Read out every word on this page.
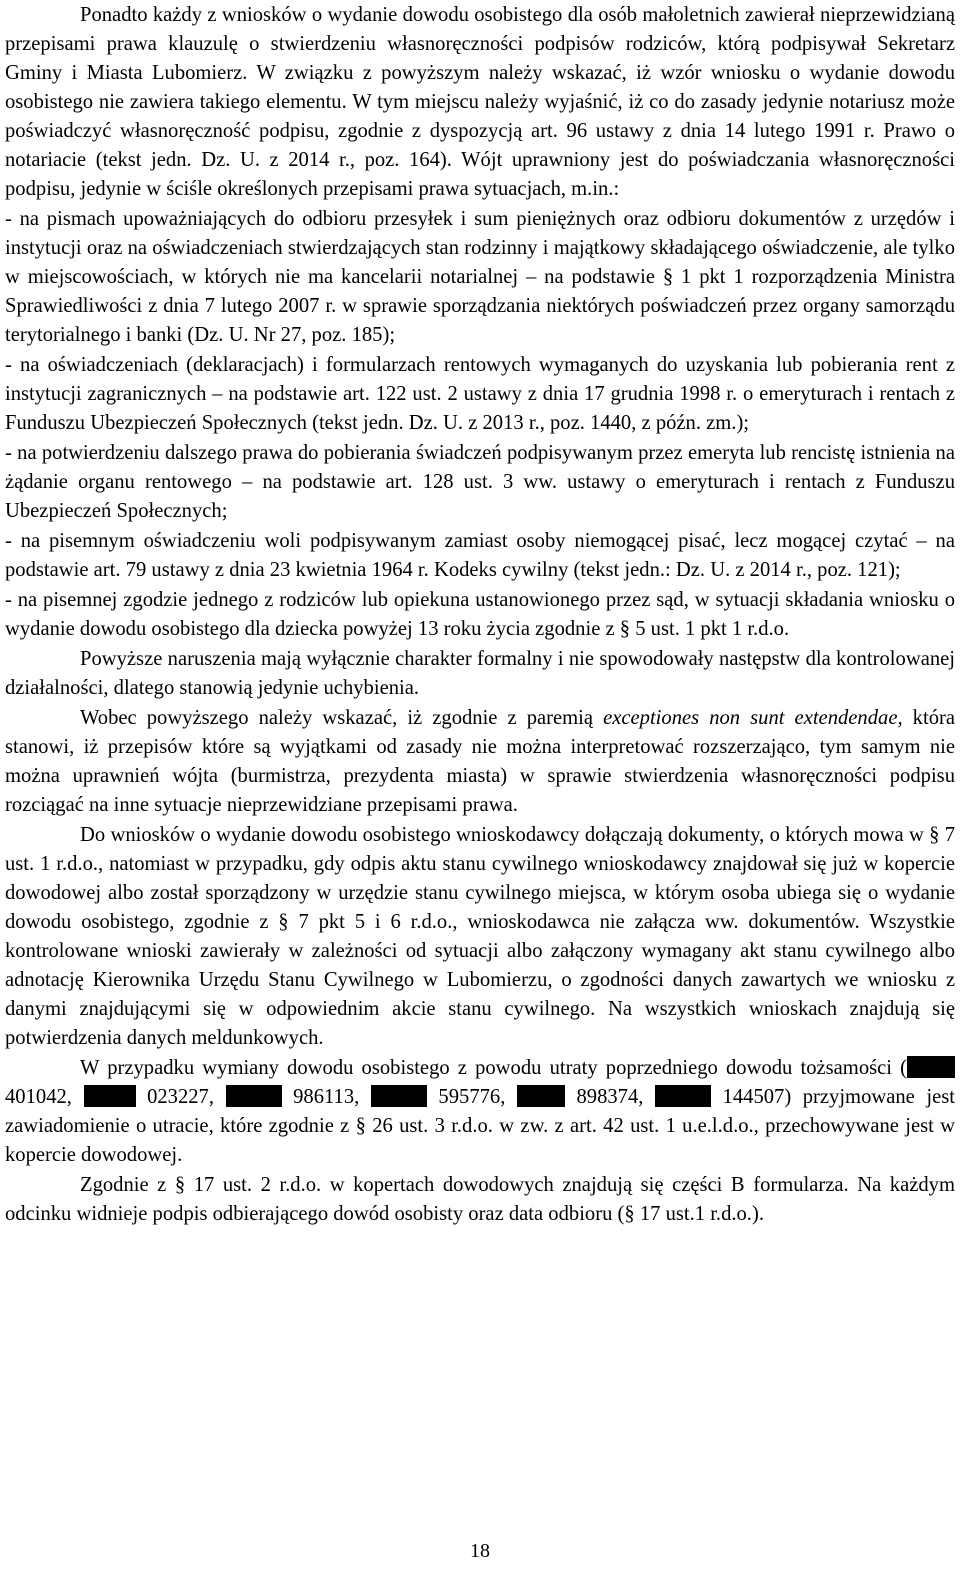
Ponadto każdy z wniosków o wydanie dowodu osobistego dla osób małoletnich zawierał nieprzewidzianą przepisami prawa klauzulę o stwierdzeniu własnoręczności podpisów rodziców, którą podpisywał Sekretarz Gminy i Miasta Lubomierz. W związku z powyższym należy wskazać, iż wzór wniosku o wydanie dowodu osobistego nie zawiera takiego elementu. W tym miejscu należy wyjaśnić, iż co do zasady jedynie notariusz może poświadczyć własnoręczność podpisu, zgodnie z dyspozycją art. 96 ustawy z dnia 14 lutego 1991 r. Prawo o notariacie (tekst jedn. Dz. U. z 2014 r., poz. 164). Wójt uprawniony jest do poświadczania własnoręczności podpisu, jedynie w ściśle określonych przepisami prawa sytuacjach, m.in.:

- na pismach upoważniających do odbioru przesyłek i sum pieniężnych oraz odbioru dokumentów z urzędów i instytucji oraz na oświadczeniach stwierdzających stan rodzinny i majątkowy składającego oświadczenie, ale tylko w miejscowościach, w których nie ma kancelarii notarialnej – na podstawie § 1 pkt 1 rozporządzenia Ministra Sprawiedliwości z dnia 7 lutego 2007 r. w sprawie sporządzania niektórych poświadczeń przez organy samorządu terytorialnego i banki (Dz. U. Nr 27, poz. 185);

- na oświadczeniach (deklaracjach) i formularzach rentowych wymaganych do uzyskania lub pobierania rent z instytucji zagranicznych – na podstawie art. 122 ust. 2 ustawy z dnia 17 grudnia 1998 r. o emeryturach i rentach z Funduszu Ubezpieczeń Społecznych (tekst jedn. Dz. U. z 2013 r., poz. 1440, z późn. zm.);

- na potwierdzeniu dalszego prawa do pobierania świadczeń podpisywanym przez emeryta lub rencistę istnienia na żądanie organu rentowego – na podstawie art. 128 ust. 3 ww. ustawy o emeryturach i rentach z Funduszu Ubezpieczeń Społecznych;

- na pisemnym oświadczeniu woli podpisywanym zamiast osoby niemogącej pisać, lecz mogącej czytać – na podstawie art. 79 ustawy z dnia 23 kwietnia 1964 r. Kodeks cywilny (tekst jedn.: Dz. U. z 2014 r., poz. 121);

- na pisemnej zgodzie jednego z rodziców lub opiekuna ustanowionego przez sąd, w sytuacji składania wniosku o wydanie dowodu osobistego dla dziecka powyżej 13 roku życia zgodnie z § 5 ust. 1 pkt 1 r.d.o.

Powyższe naruszenia mają wyłącznie charakter formalny i nie spowodowały następstw dla kontrolowanej działalności, dlatego stanowią jedynie uchybienia.

Wobec powyższego należy wskazać, iż zgodnie z paremią exceptiones non sunt extendendae, która stanowi, iż przepisów które są wyjątkami od zasady nie można interpretować rozszerzająco, tym samym nie można uprawnień wójta (burmistrza, prezydenta miasta) w sprawie stwierdzenia własnoręczności podpisu rozciągać na inne sytuacje nieprzewidziane przepisami prawa.

Do wniosków o wydanie dowodu osobistego wnioskodawcy dołączają dokumenty, o których mowa w § 7 ust. 1 r.d.o., natomiast w przypadku, gdy odpis aktu stanu cywilnego wnioskodawcy znajdował się już w kopercie dowodowej albo został sporządzony w urzędzie stanu cywilnego miejsca, w którym osoba ubiega się o wydanie dowodu osobistego, zgodnie z § 7 pkt 5 i 6 r.d.o., wnioskodawca nie załącza ww. dokumentów. Wszystkie kontrolowane wnioski zawierały w zależności od sytuacji albo załączony wymagany akt stanu cywilnego albo adnotację Kierownika Urzędu Stanu Cywilnego w Lubomierzu, o zgodności danych zawartych we wniosku z danymi znajdującymi się w odpowiednim akcie stanu cywilnego. Na wszystkich wnioskach znajdują się potwierdzenia danych meldunkowych.

W przypadku wymiany dowodu osobistego z powodu utraty poprzedniego dowodu tożsamości ( 401042,	023227,	986113,	595776,	898374,	144507) przyjmowane jest zawiadomienie o utracie, które zgodnie z § 26 ust. 3 r.d.o. w zw. z art. 42 ust. 1 u.e.l.d.o., przechowywane jest w kopercie dowodowej.

Zgodnie z § 17 ust. 2 r.d.o. w kopertach dowodowych znajdują się części B formularza. Na każdym odcinku widnieje podpis odbierającego dowód osobisty oraz data odbioru (§ 17 ust.1 r.d.o.).

18
